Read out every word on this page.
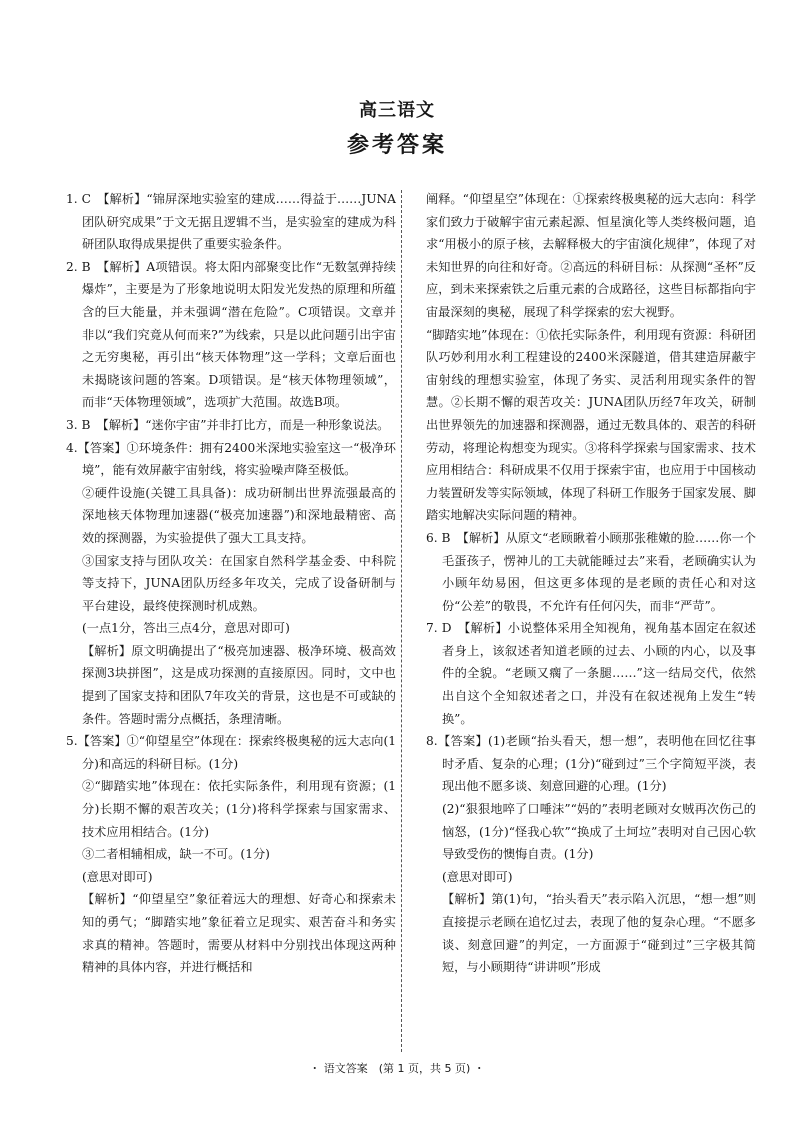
高三语文
参考答案

1. C　【解析】“锦屏深地实验室的建成……得益于……JUNA团队研究成果”于文无据且逻辑不当，是实验室的建成为科研团队取得成果提供了重要实验条件。

2. B　【解析】A项错误。将太阳内部聚变比作“无数氢弹持续爆炸”，主要是为了形象地说明太阳发光发热的原理和所蕴含的巨大能量，并未强调“潜在危险”。C项错误。文章并非以“我们究竟从何而来?”为线索，只是以此问题引出宇宙之无穷奥秘，再引出“核天体物理”这一学科；文章后面也未揭晓该问题的答案。D项错误。是“核天体物理领域”，而非“天体物理领域”，选项扩大范围。故选B项。

3. B　【解析】“迷你宇宙”并非打比方，而是一种形象说法。

4.【答案】①环境条件：拥有2400米深地实验室这一“极净环境”，能有效屏蔽宇宙射线，将实验噪声降至极低。

②硬件设施(关键工具具备)：成功研制出世界流强最高的深地核天体物理加速器(“极亮加速器”)和深地最精密、高效的探测器，为实验提供了强大工具支持。

③国家支持与团队攻关：在国家自然科学基金委、中科院等支持下，JUNA团队历经多年攻关，完成了设备研制与平台建设，最终使探测时机成熟。

(一点1分，答出三点4分，意思对即可)

【解析】原文明确提出了“极亮加速器、极净环境、极高效探测3块拼图”，这是成功探测的直接原因。同时，文中也提到了国家支持和团队7年攻关的背景，这也是不可或缺的条件。答题时需分点概括，条理清晰。

5.【答案】①“仰望星空”体现在：探索终极奥秘的远大志向(1分)和高远的科研目标。(1分)

②“脚踏实地”体现在：依托实际条件，利用现有资源；(1分)长期不懈的艰苦攻关；(1分)将科学探索与国家需求、技术应用相结合。(1分)

③二者相辅相成，缺一不可。(1分)

(意思对即可)

【解析】“仰望星空”象征着远大的理想、好奇心和探索未知的勇气；“脚踏实地”象征着立足现实、艰苦奋斗和务实求真的精神。答题时，需要从材料中分别找出体现这两种精神的具体内容，并进行概括和

阐释。“仰望星空”体现在：①探索终极奥秘的远大志向：科学家们致力于破解宇宙元素起源、恒星演化等人类终极问题，追求“用极小的原子核，去解释极大的宇宙演化规律”，体现了对未知世界的向往和好奇。②高远的科研目标：从探测“圣杯”反应，到未来探索铁之后重元素的合成路径，这些目标都指向宇宙最深刻的奥秘，展现了科学探索的宏大视野。

“脚踏实地”体现在：①依托实际条件，利用现有资源：科研团队巧妙利用水利工程建设的2400米深隧道，借其建造屏蔽宇宙射线的理想实验室，体现了务实、灵活利用现实条件的智慧。②长期不懈的艰苦攻关：JUNA团队历经7年攻关，研制出世界领先的加速器和探测器，通过无数具体的、艰苦的科研劳动，将理论构想变为现实。③将科学探索与国家需求、技术应用相结合：科研成果不仅用于探索宇宙，也应用于中国核动力装置研发等实际领域，体现了科研工作服务于国家发展、脚踏实地解决实际问题的精神。

6. B　【解析】从原文“老顾瞅着小顾那张稚嫩的脸……你一个毛蛋孩子，愣神儿的工夫就能睡过去”来看，老顾确实认为小顾年幼易困，但这更多体现的是老顾的责任心和对这份“公差”的敬畏，不允许有任何闪失，而非“严苛”。

7. D　【解析】小说整体采用全知视角，视角基本固定在叙述者身上，该叙述者知道老顾的过去、小顾的内心，以及事件的全貌。“老顾又瘸了一条腿……”这一结局交代，依然出自这个全知叙述者之口，并没有在叙述视角上发生“转换”。

8.【答案】(1)老顾“抬头看天，想一想”，表明他在回忆往事时矛盾、复杂的心理；(1分)“碰到过”三个字简短平淡，表现出他不愿多谈、刻意回避的心理。(1分)

(2)“狠狠地啐了口唾沫”“妈的”表明老顾对女贼再次伤己的恼怒，(1分)“怪我心软”“换成了土坷垃”表明对自己因心软导致受伤的懊悔自责。(1分)

(意思对即可)

【解析】第(1)句，“抬头看天”表示陷入沉思，“想一想”则直接提示老顾在追忆过去，表现了他的复杂心理。“不愿多谈、刻意回避”的判定，一方面源于“碰到过”三字极其简短，与小顾期待“讲讲呗”形成

・ 语文答案　(第 1 页，共 5 页) ・
